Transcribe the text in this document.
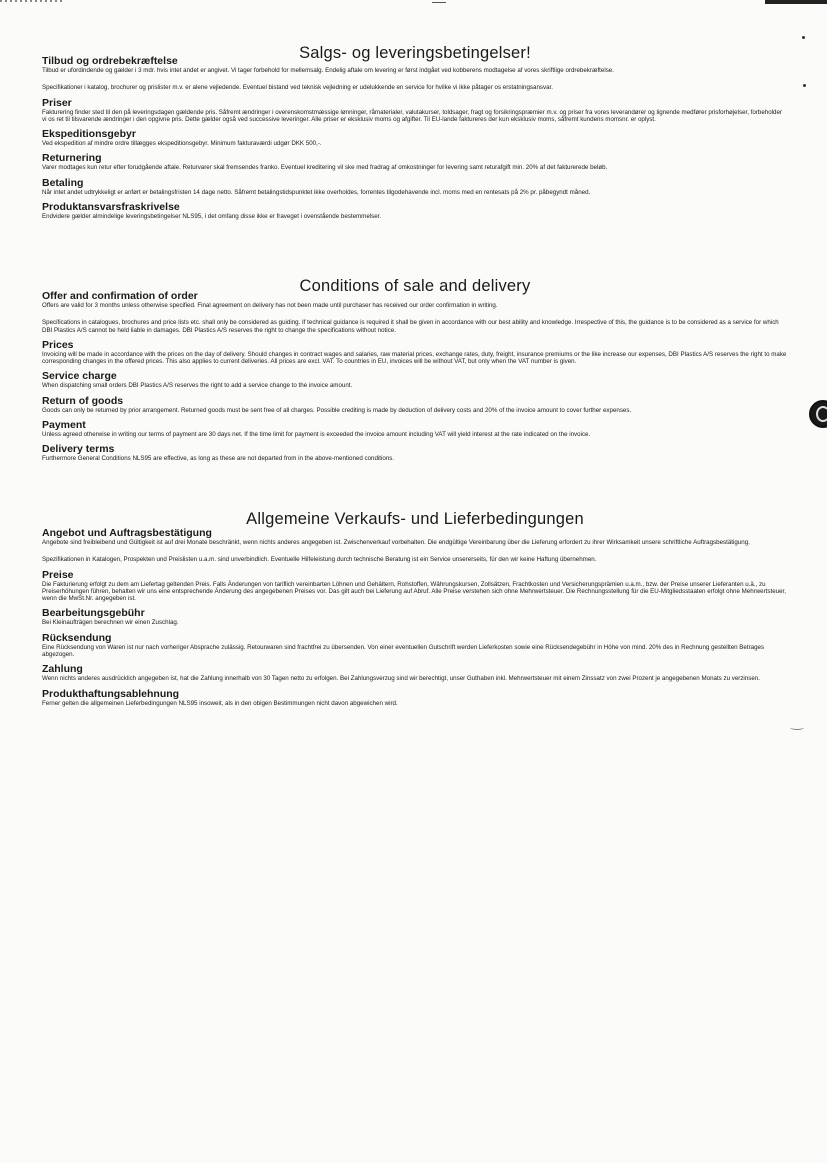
Salgs- og leveringsbetingelser!
Tilbud og ordrebekræftelse

Tilbud er ufordindende og gælder i 3 mdr. hvis intet andet er angivet. Vi tager forbehold for mellemsalg. Endelig aftale om levering er først indgået ved kobberens modtagelse af vores skriftlige ordrebekræftelse.

Specifikationer i katalog, brochurer og prislister m.v. er alene vejledende. Eventuel bistand ved teknisk vejledning er udelukkende en service for hvilke vi ikke påtager os erstatningsansvar.

Priser

Fakturering finder sted til den på leveringsdagen gældende pris. Såfremt ændringer i overenskomstmæssige lønninger, råmaterialer, valutakurser, toldsager, fragt og forsikringspræmier m.v. og priser fra vores leverandører og lignende medfører prisforhøjelser, forbeholder vi os ret til tilsvarende ændringer i den opgivne pris. Dette gælder også ved successive leveringer. Alle priser er eksklusiv moms og afgifter. Til EU-lande faktureres der kun eksklusiv moms, såfremt kundens momsnr. er oplyst.

Ekspeditionsgebyr

Ved ekspedition af mindre ordre tillægges ekspeditionsgebyr. Minimum fakturaværdi udgør DKK 500,-.

Returnering

Varer modtages kun retur efter forudgående aftale. Returvarer skal fremsendes franko. Eventuel kreditering vil ske med fradrag af omkostninger for levering samt returafgift min. 20% af det fakturerede beløb.

Betaling

Når intet andet udtrykkeligt er anført er betalingsfristen 14 dage netto. Såfremt betalingstidspunktet ikke overholdes, forrentes tilgodehavende incl. moms med en rentesats på 2% pr. påbegyndt måned.

Produktansvarsfraskrivelse

Endvidere gælder almindelige leveringsbetingelser NLS95, i det omfang disse ikke er fraveget i ovenstående bestemmelser.

Conditions of sale and delivery
Offer and confirmation of order

Offers are valid for 3 months unless otherwise specified. Final agreement on delivery has not been made until purchaser has received our order confirmation in writing.

Specifications in catalogues, brochures and price lists etc. shall only be considered as guiding. If technical guidance is required it shall be given in accordance with our best ability and knowledge. Irrespective of this, the guidance is to be considered as a service for which DBI Plastics A/S cannot be held liable in damages. DBI Plastics A/S reserves the right to change the specifications without notice.

Prices

Invoicing will be made in accordance with the prices on the day of delivery. Should changes in contract wages and salaries, raw material prices, exchange rates, duty, freight, insurance premiums or the like increase our expenses, DBI Plastics A/S reserves the right to make corresponding changes in the offered prices. This also applies to current deliveries. All prices are excl. VAT. To countries in EU, invoices will be without VAT, but only when the VAT number is given.

Service charge

When dispatching small orders DBI Plastics A/S reserves the right to add a service change to the invoice amount.

Return of goods

Goods can only be returned by prior arrangement. Returned goods must be sent free of all charges. Possible crediting is made by deduction of delivery costs and 20% of the invoice amount to cover further expenses.

Payment

Unless agreed otherwise in writing our terms of payment are 30 days net. If the time limit for payment is exceeded the invoice amount including VAT will yield interest at the rate indicated on the invoice.

Delivery terms

Furthermore General Conditions NLS95 are effective, as long as these are not departed from in the above-mentioned conditions.

Allgemeine Verkaufs- und Lieferbedingungen
Angebot und Auftragsbestätigung

Angebote sind freibleibend und Gültigkeit ist auf drei Monate beschränkt, wenn nichts anderes angegeben ist. Zwischenverkauf vorbehalten. Die endgültige Vereinbarung über die Lieferung erfordert zu ihrer Wirksamkeit unsere schriftliche Auftragsbestätigung.

Spezifikationen in Katalogen, Prospekten und Preislisten u.a.m. sind unverbindlich. Eventuelle Hilfeleistung durch technische Beratung ist ein Service unsererseits, für den wir keine Haftung übernehmen.

Preise

Die Fakturierung erfolgt zu dem am Liefertag geltenden Preis. Falls Änderungen von tariflich vereinbarten Löhnen und Gehältern, Rohstoffen, Währungskursen, Zollsätzen, Frachtkosten und Versicherungsprämien u.a.m., bzw. der Preise unserer Lieferanten u.ä., zu Preiserhöhungen führen, behalten wir uns eine entsprechende Änderung des angegebenen Preises vor. Das gilt auch bei Lieferung auf Abruf. Alle Preise verstehen sich ohne Mehrwertsteuer. Die Rechnungsstellung für die EU-Mitgliedsstaaten erfolgt ohne Mehrwertsteuer, wenn die MwSt.Nr. angegeben ist.

Bearbeitungsgebühr

Bei Kleinaufträgen berechnen wir einen Zuschlag.

Rücksendung

Eine Rücksendung von Waren ist nur nach vorheriger Absprache zulässig. Retourwaren sind frachtfrei zu übersenden. Von einer eventuellen Gutschrift werden Lieferkosten sowie eine Rücksendegebühr in Höhe von mind. 20% des in Rechnung gestellten Betrages abgezogen.

Zahlung

Wenn nichts anderes ausdrücklich angegeben ist, hat die Zahlung innerhalb von 30 Tagen netto zu erfolgen. Bei Zahlungsverzug sind wir berechtigt, unser Guthaben inkl. Mehrwertsteuer mit einem Zinssatz von zwei Prozent je angegebenen Monats zu verzinsen.

Produkthaftungsablehnung

Ferner gelten die allgemeinen Lieferbedingungen NLS95 insoweit, als in den obigen Bestimmungen nicht davon abgewichen wird.
